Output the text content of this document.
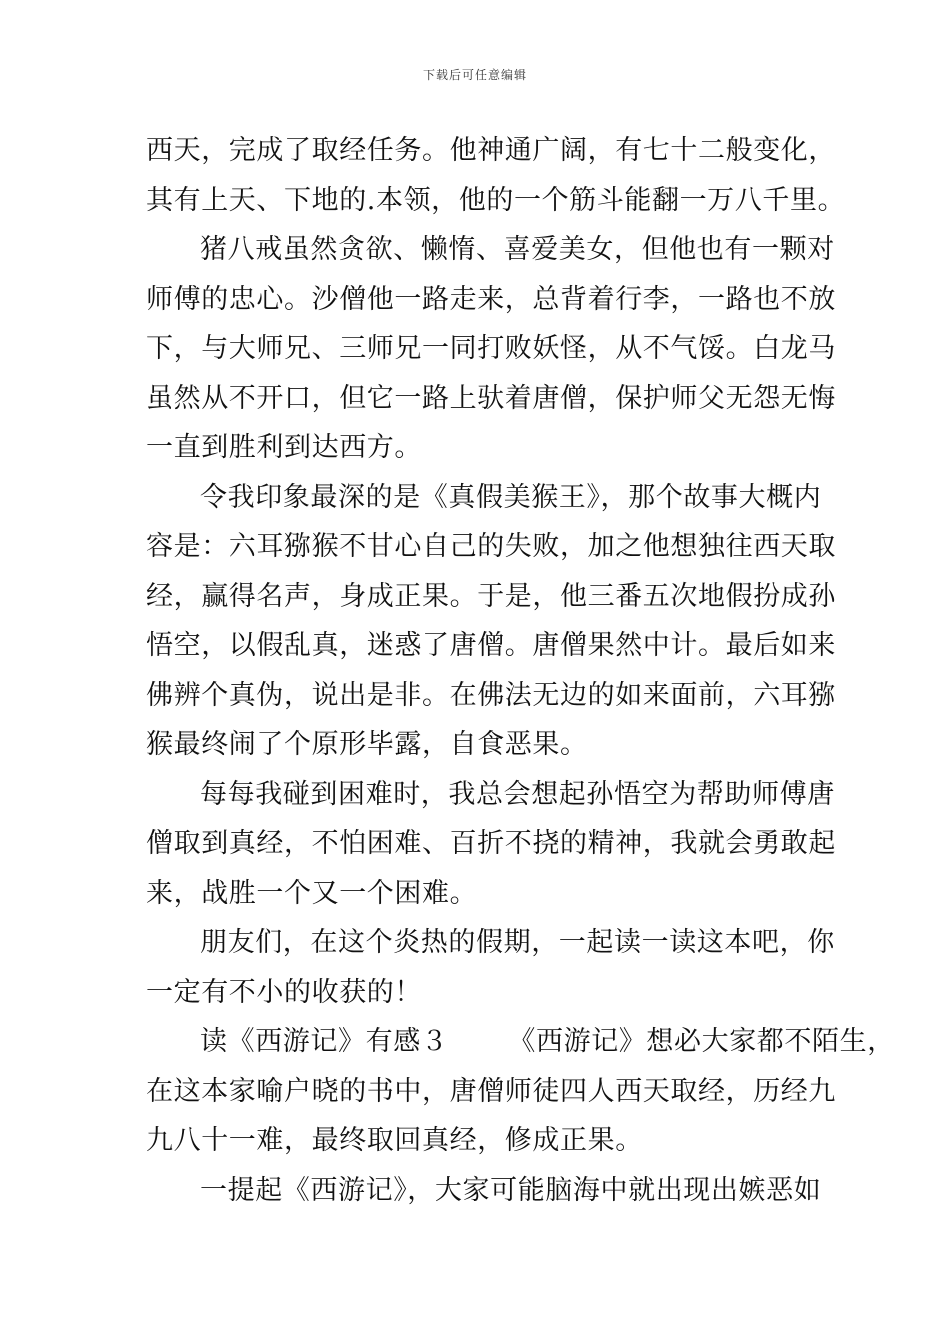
下载后可任意编辑
西天，完成了取经任务。他神通广阔，有七十二般变化，
其有上天、下地的.本领，他的一个筋斗能翻一万八千里。
猪八戒虽然贪欲、懒惰、喜爱美女，但他也有一颗对
师傅的忠心。沙僧他一路走来，总背着行李，一路也不放
下，与大师兄、三师兄一同打败妖怪，从不气馁。白龙马
虽然从不开口，但它一路上驮着唐僧，保护师父无怨无悔
一直到胜利到达西方。
令我印象最深的是《真假美猴王》，那个故事大概内
容是：六耳猕猴不甘心自己的失败，加之他想独往西天取
经，赢得名声，身成正果。于是，他三番五次地假扮成孙
悟空，以假乱真，迷惑了唐僧。唐僧果然中计。最后如来
佛辨个真伪，说出是非。在佛法无边的如来面前，六耳猕
猴最终闹了个原形毕露，自食恶果。
每每我碰到困难时，我总会想起孙悟空为帮助师傅唐
僧取到真经，不怕困难、百折不挠的精神，我就会勇敢起
来，战胜一个又一个困难。
朋友们，在这个炎热的假期，一起读一读这本吧，你
一定有不小的收获的！
读《西游记》有感３ 《西游记》想必大家都不陌生，
在这本家喻户晓的书中，唐僧师徒四人西天取经，历经九
九八十一难，最终取回真经，修成正果。
一提起《西游记》，大家可能脑海中就出现出嫉恶如
